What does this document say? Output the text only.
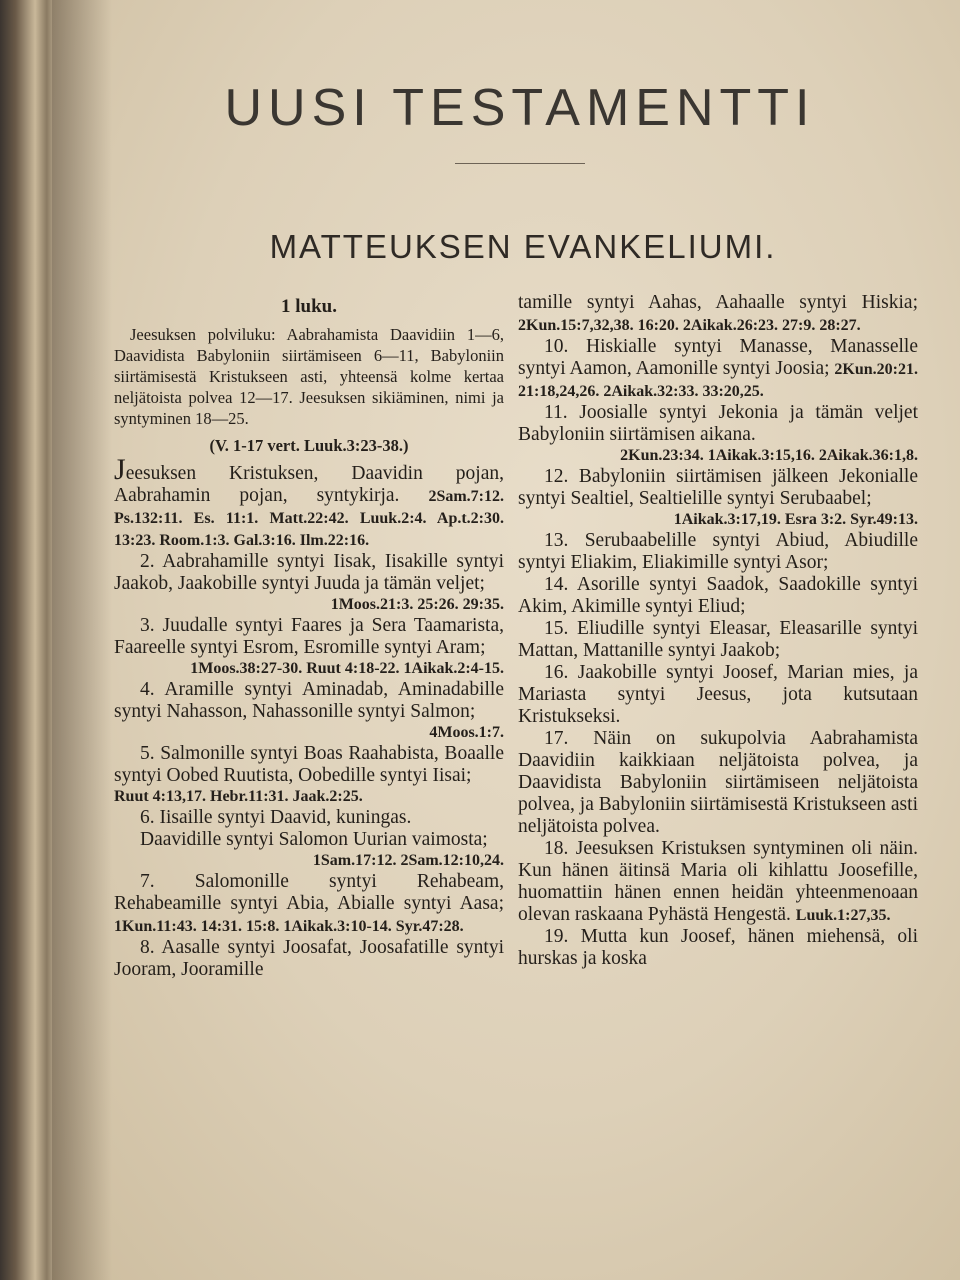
UUSI TESTAMENTTI
MATTEUKSEN EVANKELIUMI.

1 luku.

Jeesuksen polviluku: Aabrahamista Daavidiin 1—6, Daavidista Babyloniin siirtämiseen 6—11, Babyloniin siirtämisestä Kristukseen asti, yhteensä kolme kertaa neljätoista polvea 12—17. Jeesuksen sikiäminen, nimi ja syntyminen 18—25.

(V. 1-17 vert. Luuk.3:23-38.)

Jeesuksen Kristuksen, Daavidin pojan, Aabrahamin pojan, syntykirja. 2Sam.7:12. Ps.132:11. Es. 11:1. Matt.22:42. Luuk.2:4. Ap.t.2:30. 13:23. Room.1:3. Gal.3:16. Ilm.22:16.

2. Aabrahamille syntyi Iisak, Iisakille syntyi Jaakob, Jaakobille syntyi Juuda ja tämän veljet;

1Moos.21:3. 25:26. 29:35.

3. Juudalle syntyi Faares ja Sera Taamarista, Faareelle syntyi Esrom, Esromille syntyi Aram;

1Moos.38:27-30. Ruut 4:18-22. 1Aikak.2:4-15.

4. Aramille syntyi Aminadab, Aminadabille syntyi Nahasson, Nahassonille syntyi Salmon;

4Moos.1:7.

5. Salmonille syntyi Boas Raahabista, Boaalle syntyi Oobed Ruutista, Oobedille syntyi Iisai;

Ruut 4:13,17. Hebr.11:31. Jaak.2:25.

6. Iisaille syntyi Daavid, kuningas.

Daavidille syntyi Salomon Uurian vaimosta;

1Sam.17:12. 2Sam.12:10,24.

7. Salomonille syntyi Rehabeam, Rehabeamille syntyi Abia, Abialle syntyi Aasa; 1Kun.11:43. 14:31. 15:8. 1Aikak.3:10-14. Syr.47:28.

8. Aasalle syntyi Joosafat, Joosafatille syntyi Jooram, Jooramille

tamille syntyi Aahas, Aahaalle syntyi Hiskia; 2Kun.15:7,32,38. 16:20. 2Aikak.26:23. 27:9. 28:27.

10. Hiskialle syntyi Manasse, Manasselle syntyi Aamon, Aamonille syntyi Joosia; 2Kun.20:21. 21:18,24,26. 2Aikak.32:33. 33:20,25.

11. Joosialle syntyi Jekonia ja tämän veljet Babyloniin siirtämisen aikana.

2Kun.23:34. 1Aikak.3:15,16. 2Aikak.36:1,8.

12. Babyloniin siirtämisen jälkeen Jekonialle syntyi Sealtiel, Sealtielille syntyi Serubaabel;

1Aikak.3:17,19. Esra 3:2. Syr.49:13.

13. Serubaabelille syntyi Abiud, Abiudille syntyi Eliakim, Eliakimille syntyi Asor;

14. Asorille syntyi Saadok, Saadokille syntyi Akim, Akimille syntyi Eliud;

15. Eliudille syntyi Eleasar, Eleasarille syntyi Mattan, Mattanille syntyi Jaakob;

16. Jaakobille syntyi Joosef, Marian mies, ja Mariasta syntyi Jeesus, jota kutsutaan Kristukseksi.

17. Näin on sukupolvia Aabrahamista Daavidiin kaikkiaan neljätoista polvea, ja Daavidista Babyloniin siirtämiseen neljätoista polvea, ja Babyloniin siirtämisestä Kristukseen asti neljätoista polvea.

18. Jeesuksen Kristuksen syntyminen oli näin. Kun hänen äitinsä Maria oli kihlattu Joosefille, huomattiin hänen ennen heidän yhteenmenoaan olevan raskaana Pyhästä Hengestä. Luuk.1:27,35.

19. Mutta kun Joosef, hänen miehensä, oli hurskas ja koska
